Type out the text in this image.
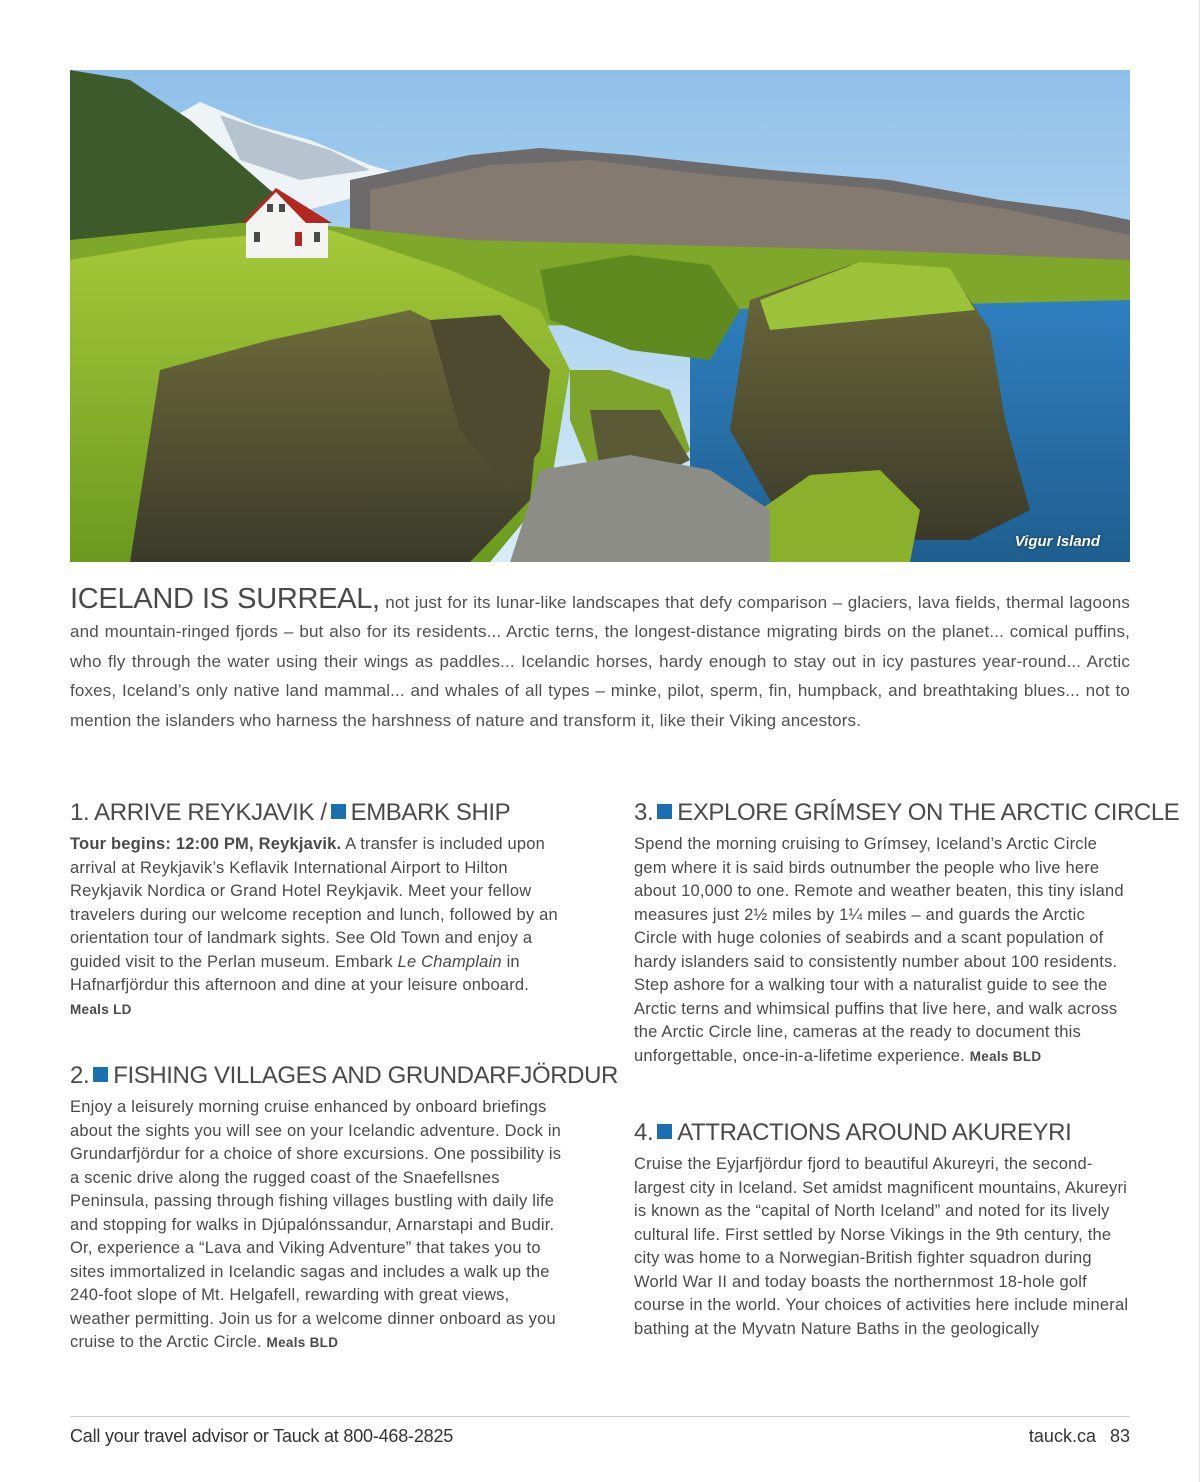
Vigur Island
ICELAND IS SURREAL, not just for its lunar-like landscapes that defy comparison – glaciers, lava fields, thermal lagoons and mountain-ringed fjords – but also for its residents... Arctic terns, the longest-distance migrating birds on the planet... comical puffins, who fly through the water using their wings as paddles... Icelandic horses, hardy enough to stay out in icy pastures year-round... Arctic foxes, Iceland’s only native land mammal... and whales of all types – minke, pilot, sperm, fin, humpback, and breathtaking blues... not to mention the islanders who harness the harshness of nature and transform it, like their Viking ancestors.
1. ARRIVE REYKJAVIK / EMBARK SHIP

Tour begins: 12:00 PM, Reykjavik. A transfer is included upon arrival at Reykjavik’s Keflavik International Airport to Hilton Reykjavik Nordica or Grand Hotel Reykjavik. Meet your fellow travelers during our welcome reception and lunch, followed by an orientation tour of landmark sights. See Old Town and enjoy a guided visit to the Perlan museum. Embark Le Champlain in Hafnarfjördur this afternoon and dine at your leisure onboard. Meals LD

2. FISHING VILLAGES AND GRUNDARFJÖRDUR

Enjoy a leisurely morning cruise enhanced by onboard briefings about the sights you will see on your Icelandic adventure. Dock in Grundarfjördur for a choice of shore excursions. One possibility is a scenic drive along the rugged coast of the Snaefellsnes Peninsula, passing through fishing villages bustling with daily life and stopping for walks in Djúpalónssandur, Arnarstapi and Budir. Or, experience a “Lava and Viking Adventure” that takes you to sites immortalized in Icelandic sagas and includes a walk up the 240-foot slope of Mt. Helgafell, rewarding with great views, weather permitting. Join us for a welcome dinner onboard as you cruise to the Arctic Circle. Meals BLD

3. EXPLORE GRÍMSEY ON THE ARCTIC CIRCLE

Spend the morning cruising to Grímsey, Iceland’s Arctic Circle gem where it is said birds outnumber the people who live here about 10,000 to one. Remote and weather beaten, this tiny island measures just 2½ miles by 1¼ miles – and guards the Arctic Circle with huge colonies of seabirds and a scant population of hardy islanders said to consistently number about 100 residents. Step ashore for a walking tour with a naturalist guide to see the Arctic terns and whimsical puffins that live here, and walk across the Arctic Circle line, cameras at the ready to document this unforgettable, once-in-a-lifetime experience. Meals BLD

4. ATTRACTIONS AROUND AKUREYRI

Cruise the Eyjarfjördur fjord to beautiful Akureyri, the second-largest city in Iceland. Set amidst magnificent mountains, Akureyri is known as the “capital of North Iceland” and noted for its lively cultural life. First settled by Norse Vikings in the 9th century, the city was home to a Norwegian-British fighter squadron during World War II and today boasts the northernmost 18-hole golf course in the world. Your choices of activities here include mineral bathing at the Myvatn Nature Baths in the geologically

Call your travel advisor or Tauck at 800-468-2825	tauck.ca 83
